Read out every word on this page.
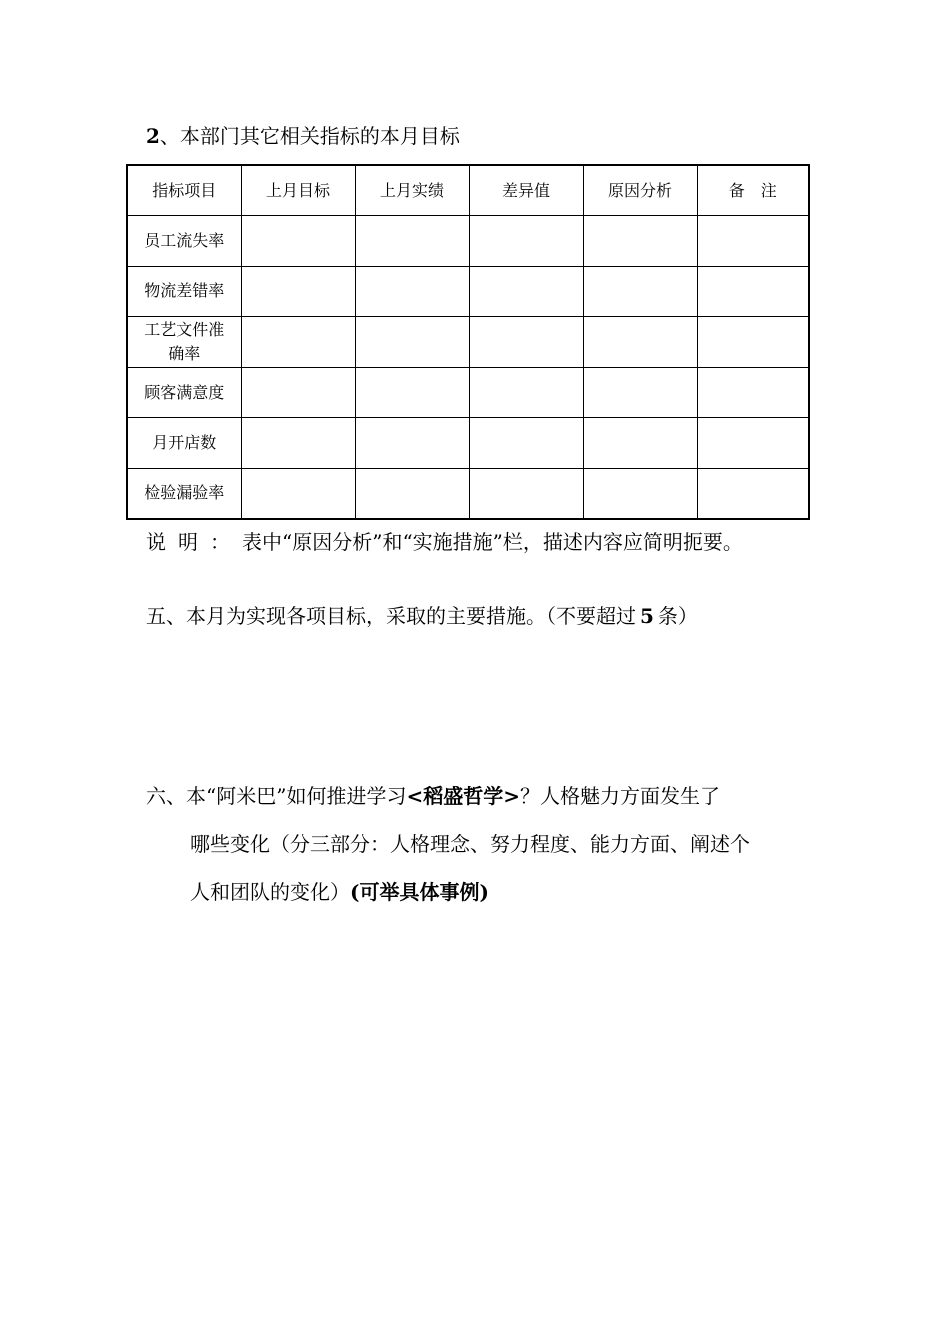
2、本部门其它相关指标的本月目标
指标项目	上月目标	上月实绩	差异值	原因分析	备　注
员工流失率					
物流差错率					
工艺文件准确率					
顾客满意度					
月开店数					
检验漏验率					
说明：表中“原因分析”和“实施措施”栏，描述内容应简明扼要。
五、本月为实现各项目标，采取的主要措施。（不要超过 5 条）
六、本“阿米巴”如何推进学习<稻盛哲学>？人格魅力方面发生了
哪些变化（分三部分：人格理念、努力程度、能力方面、阐述个
人和团队的变化）(可举具体事例)
